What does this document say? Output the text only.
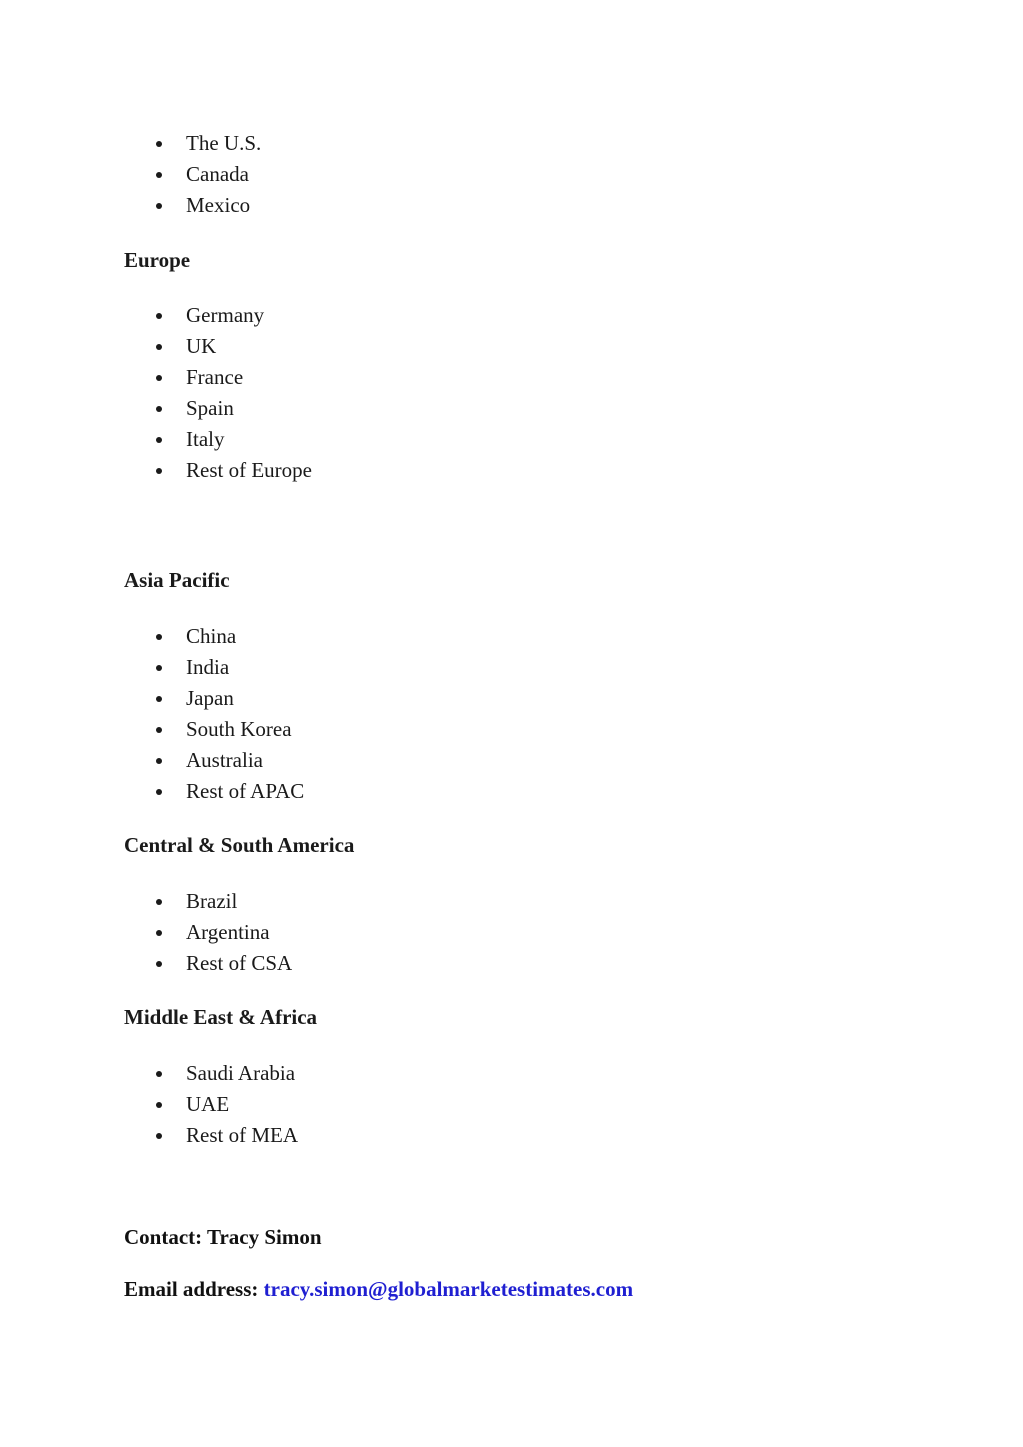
The U.S.
Canada
Mexico
Europe
Germany
UK
France
Spain
Italy
Rest of Europe
Asia Pacific
China
India
Japan
South Korea
Australia
Rest of APAC
Central & South America
Brazil
Argentina
Rest of CSA
Middle East & Africa
Saudi Arabia
UAE
Rest of MEA
Contact: Tracy Simon
Email address: tracy.simon@globalmarketestimates.com
